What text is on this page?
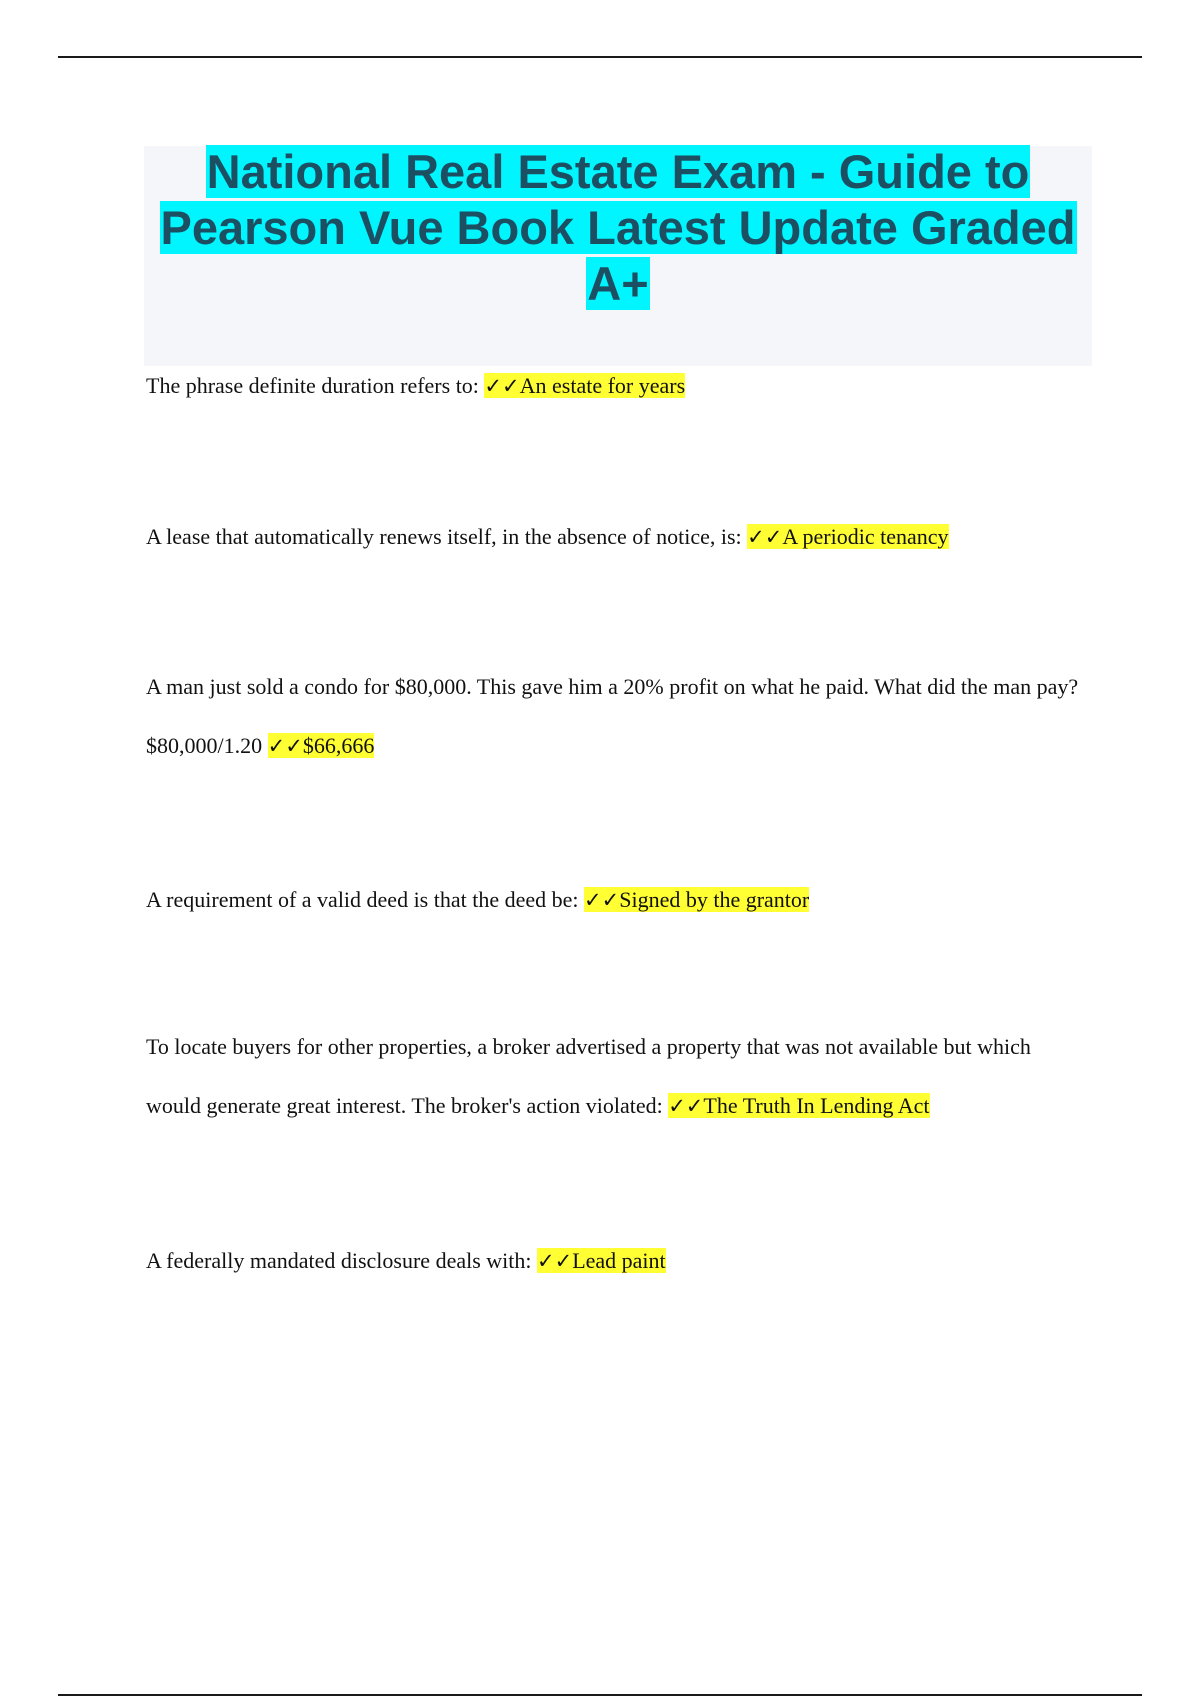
National Real Estate Exam - Guide to Pearson Vue Book Latest Update Graded A+

The phrase definite duration refers to: ✓✓An estate for years

A lease that automatically renews itself, in the absence of notice, is: ✓✓A periodic tenancy

A man just sold a condo for $80,000. This gave him a 20% profit on what he paid. What did the man pay? $80,000/1.20 ✓✓$66,666

A requirement of a valid deed is that the deed be: ✓✓Signed by the grantor

To locate buyers for other properties, a broker advertised a property that was not available but which would generate great interest. The broker's action violated: ✓✓The Truth In Lending Act

A federally mandated disclosure deals with: ✓✓Lead paint
